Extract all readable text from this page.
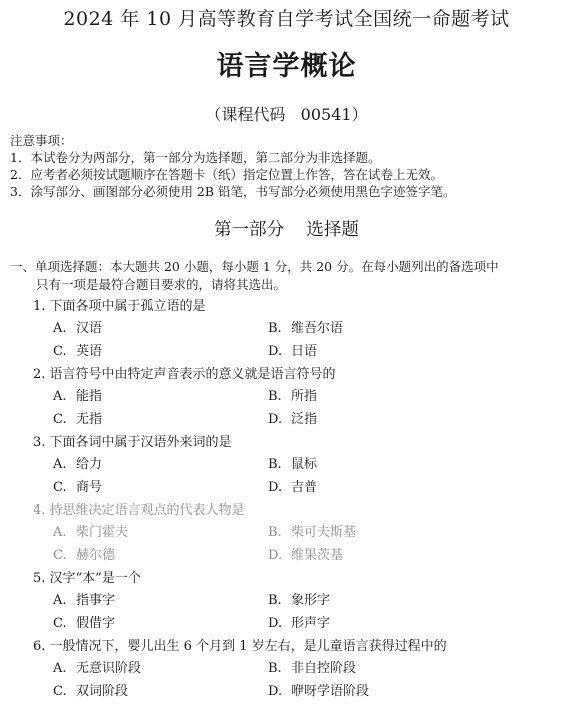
2024 年 10 月高等教育自学考试全国统一命题考试
语言学概论
（课程代码   00541）
注意事项：
1．本试卷分为两部分，第一部分为选择题，第二部分为非选择题。
2．应考者必须按试题顺序在答题卡（纸）指定位置上作答，答在试卷上无效。
3．涂写部分、画图部分必须使用 2B 铅笔，书写部分必须使用黑色字迹签字笔。
第一部分    选择题
一、单项选择题：本大题共 20 小题，每小题 1 分，共 20 分。在每小题列出的备选项中
只有一项是最符合题目要求的，请将其选出。
1. 下面各项中属于孤立语的是
A. 汉语	B. 维吾尔语
C. 英语	D. 日语
2. 语言符号中由特定声音表示的意义就是语言符号的
A. 能指	B. 所指
C. 无指	D. 泛指
3. 下面各词中属于汉语外来词的是
A. 给力	B. 鼠标
C. 商号	D. 吉普
4. 持思维决定语言观点的代表人物是
A. 柴门霍夫	B. 柴可夫斯基
C. 赫尔德	D. 维果茨基
5. 汉字“本”是一个
A. 指事字	B. 象形字
C. 假借字	D. 形声字
6. 一般情况下，婴儿出生 6 个月到 1 岁左右，是儿童语言获得过程中的
A. 无意识阶段	B. 非自控阶段
C. 双词阶段	D. 咿呀学语阶段
